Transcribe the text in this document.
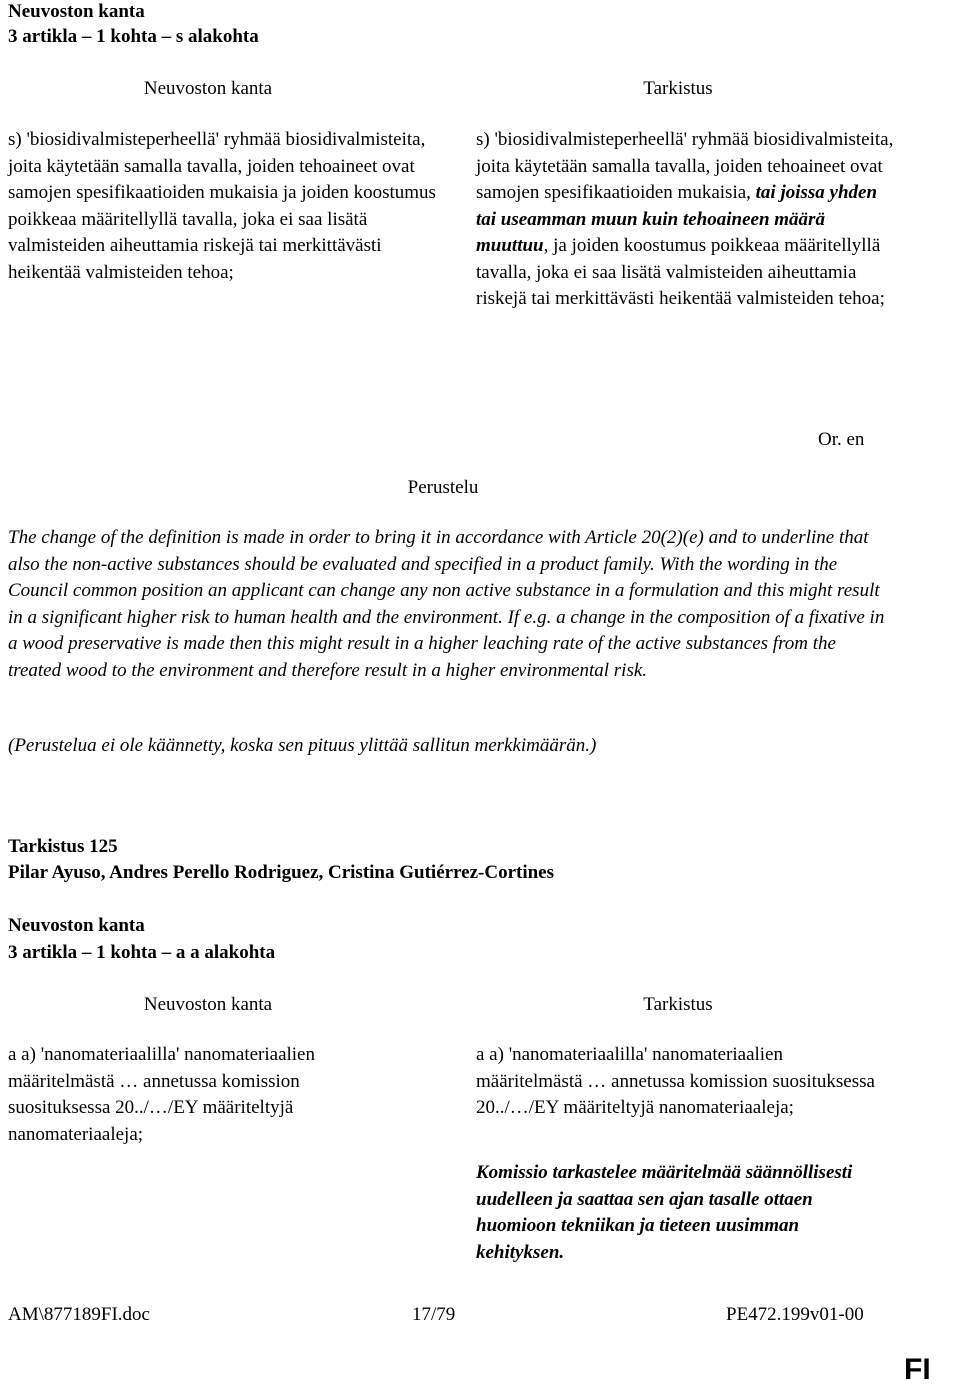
Neuvoston kanta
3 artikla – 1 kohta – s alakohta
Neuvoston kanta	Tarkistus
s) 'biosidivalmisteperheellä' ryhmää biosidivalmisteita, joita käytetään samalla tavalla, joiden tehoaineet ovat samojen spesifikaatioiden mukaisia ja joiden koostumus poikkeaa määritellyllä tavalla, joka ei saa lisätä valmisteiden aiheuttamia riskejä tai merkittävästi heikentää valmisteiden tehoa;
s) 'biosidivalmisteperheellä' ryhmää biosidivalmisteita, joita käytetään samalla tavalla, joiden tehoaineet ovat samojen spesifikaatioiden mukaisia, tai joissa yhden tai useamman muun kuin tehoaineen määrä muuttuu, ja joiden koostumus poikkeaa määritellyllä tavalla, joka ei saa lisätä valmisteiden aiheuttamia riskejä tai merkittävästi heikentää valmisteiden tehoa;
Or. en
Perustelu
The change of the definition is made in order to bring it in accordance with Article 20(2)(e) and to underline that also the non-active substances should be evaluated and specified in a product family. With the wording in the Council common position an applicant can change any non active substance in a formulation and this might result in a significant higher risk to human health and the environment. If e.g. a change in the composition of a fixative in a wood preservative is made then this might result in a higher leaching rate of the active substances from the treated wood to the environment and therefore result in a higher environmental risk.
(Perustelua ei ole käännetty, koska sen pituus ylittää sallitun merkkimäärän.)
Tarkistus 125
Pilar Ayuso, Andres Perello Rodriguez, Cristina Gutiérrez-Cortines
Neuvoston kanta
3 artikla – 1 kohta – a a alakohta
Neuvoston kanta	Tarkistus
a a) 'nanomateriaalilla' nanomateriaalien määritelmästä … annetussa komission suosituksessa 20../…/EY määriteltyjä nanomateriaaleja;
a a) 'nanomateriaalilla' nanomateriaalien määritelmästä … annetussa komission suosituksessa 20../…/EY määriteltyjä nanomateriaaleja;
Komissio tarkastelee määritelmää säännöllisesti uudelleen ja saattaa sen ajan tasalle ottaen huomioon tekniikan ja tieteen uusimman kehityksen.
AM\877189FI.doc	17/79	PE472.199v01-00
FI
